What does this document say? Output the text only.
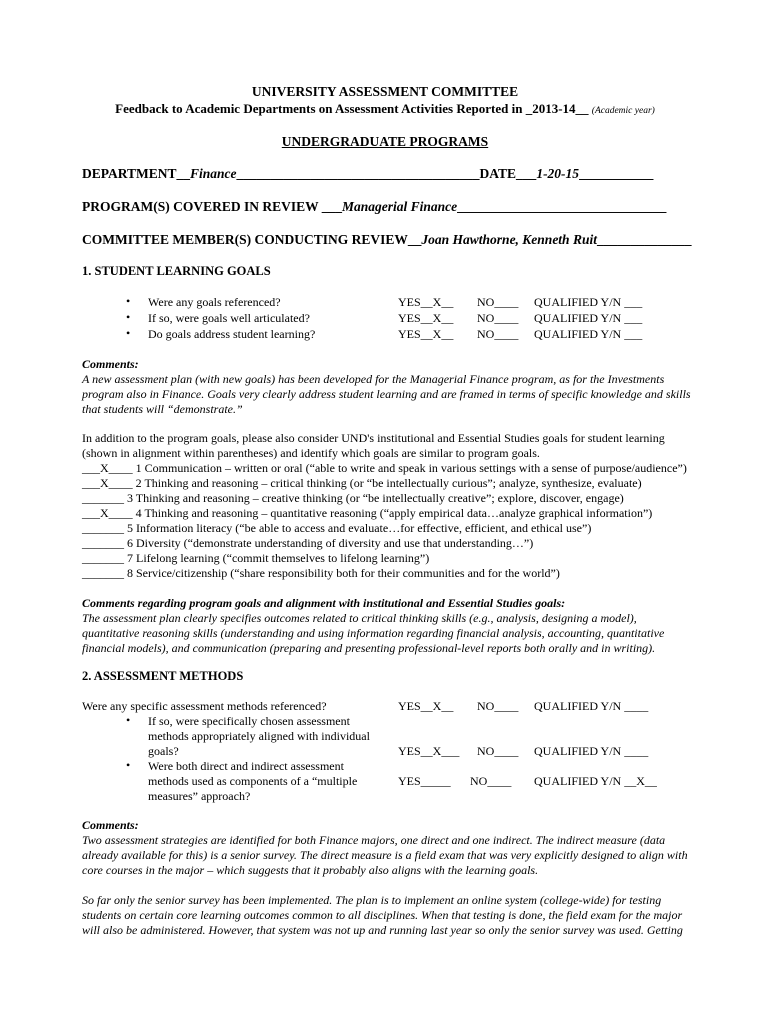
UNIVERSITY ASSESSMENT COMMITTEE
Feedback to Academic Departments on Assessment Activities Reported in _2013-14__ (Academic year)
UNDERGRADUATE PROGRAMS
DEPARTMENT__Finance____________________________________DATE___1-20-15___________
PROGRAM(S) COVERED IN REVIEW ___Managerial Finance_______________________________
COMMITTEE MEMBER(S) CONDUCTING REVIEW__Joan Hawthorne, Kenneth Ruit______________
1. STUDENT LEARNING GOALS
• Were any goals referenced?	YES__X__ NO____ QUALIFIED Y/N ___
• If so, were goals well articulated?	YES__X__ NO____ QUALIFIED Y/N ___
• Do goals address student learning?	YES__X__ NO____ QUALIFIED Y/N ___
Comments:
A new assessment plan (with new goals) has been developed for the Managerial Finance program, as for the Investments
program also in Finance. Goals very clearly address student learning and are framed in terms of specific knowledge and skills
that students will “demonstrate.”
In addition to the program goals, please also consider UND's institutional and Essential Studies goals for student learning
(shown in alignment within parentheses) and identify which goals are similar to program goals.
___X____ 1 Communication – written or oral (“able to write and speak in various settings with a sense of purpose/audience”)
___X____ 2 Thinking and reasoning – critical thinking (or “be intellectually curious”; analyze, synthesize, evaluate)
_______ 3 Thinking and reasoning – creative thinking (or “be intellectually creative”; explore, discover, engage)
___X____ 4 Thinking and reasoning – quantitative reasoning (“apply empirical data…analyze graphical information”)
_______ 5 Information literacy (“be able to access and evaluate…for effective, efficient, and ethical use”)
_______ 6 Diversity (“demonstrate understanding of diversity and use that understanding…”)
_______ 7 Lifelong learning (“commit themselves to lifelong learning”)
_______ 8 Service/citizenship (“share responsibility both for their communities and for the world”)
Comments regarding program goals and alignment with institutional and Essential Studies goals:
The assessment plan clearly specifies outcomes related to critical thinking skills (e.g., analysis, designing a model),
quantitative reasoning skills (understanding and using information regarding financial analysis, accounting, quantitative
financial models), and communication (preparing and presenting professional-level reports both orally and in writing).
2. ASSESSMENT METHODS
Were any specific assessment methods referenced?	YES__X__ NO____ QUALIFIED Y/N ____
• If so, were specifically chosen assessment
methods appropriately aligned with individual
goals?	YES__X___ NO____ QUALIFIED Y/N ____
• Were both direct and indirect assessment
methods used as components of a “multiple
measures” approach?
YES_____ NO____ QUALIFIED Y/N __X__
Comments:
Two assessment strategies are identified for both Finance majors, one direct and one indirect. The indirect measure (data
already available for this) is a senior survey. The direct measure is a field exam that was very explicitly designed to align with
core courses in the major – which suggests that it probably also aligns with the learning goals.
So far only the senior survey has been implemented. The plan is to implement an online system (college-wide) for testing
students on certain core learning outcomes common to all disciplines. When that testing is done, the field exam for the major
will also be administered. However, that system was not up and running last year so only the senior survey was used. Getting
